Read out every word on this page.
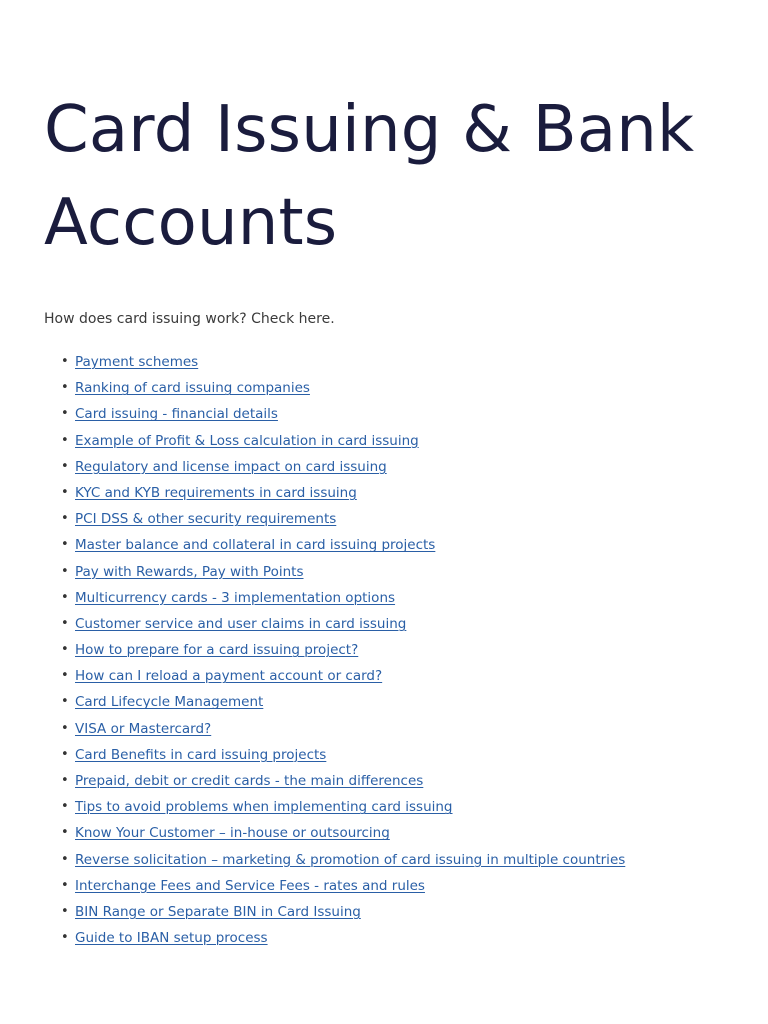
Card Issuing & Bank Accounts

How does card issuing work? Check here.

• Payment schemes
• Ranking of card issuing companies
• Card issuing - financial details
• Example of Profit & Loss calculation in card issuing
• Regulatory and license impact on card issuing
• KYC and KYB requirements in card issuing
• PCI DSS & other security requirements
• Master balance and collateral in card issuing projects
• Pay with Rewards, Pay with Points
• Multicurrency cards - 3 implementation options
• Customer service and user claims in card issuing
• How to prepare for a card issuing project?
• How can I reload a payment account or card?
• Card Lifecycle Management
• VISA or Mastercard?
• Card Benefits in card issuing projects
• Prepaid, debit or credit cards - the main differences
• Tips to avoid problems when implementing card issuing
• Know Your Customer – in-house or outsourcing
• Reverse solicitation – marketing & promotion of card issuing in multiple countries
• Interchange Fees and Service Fees - rates and rules
• BIN Range or Separate BIN in Card Issuing
• Guide to IBAN setup process
